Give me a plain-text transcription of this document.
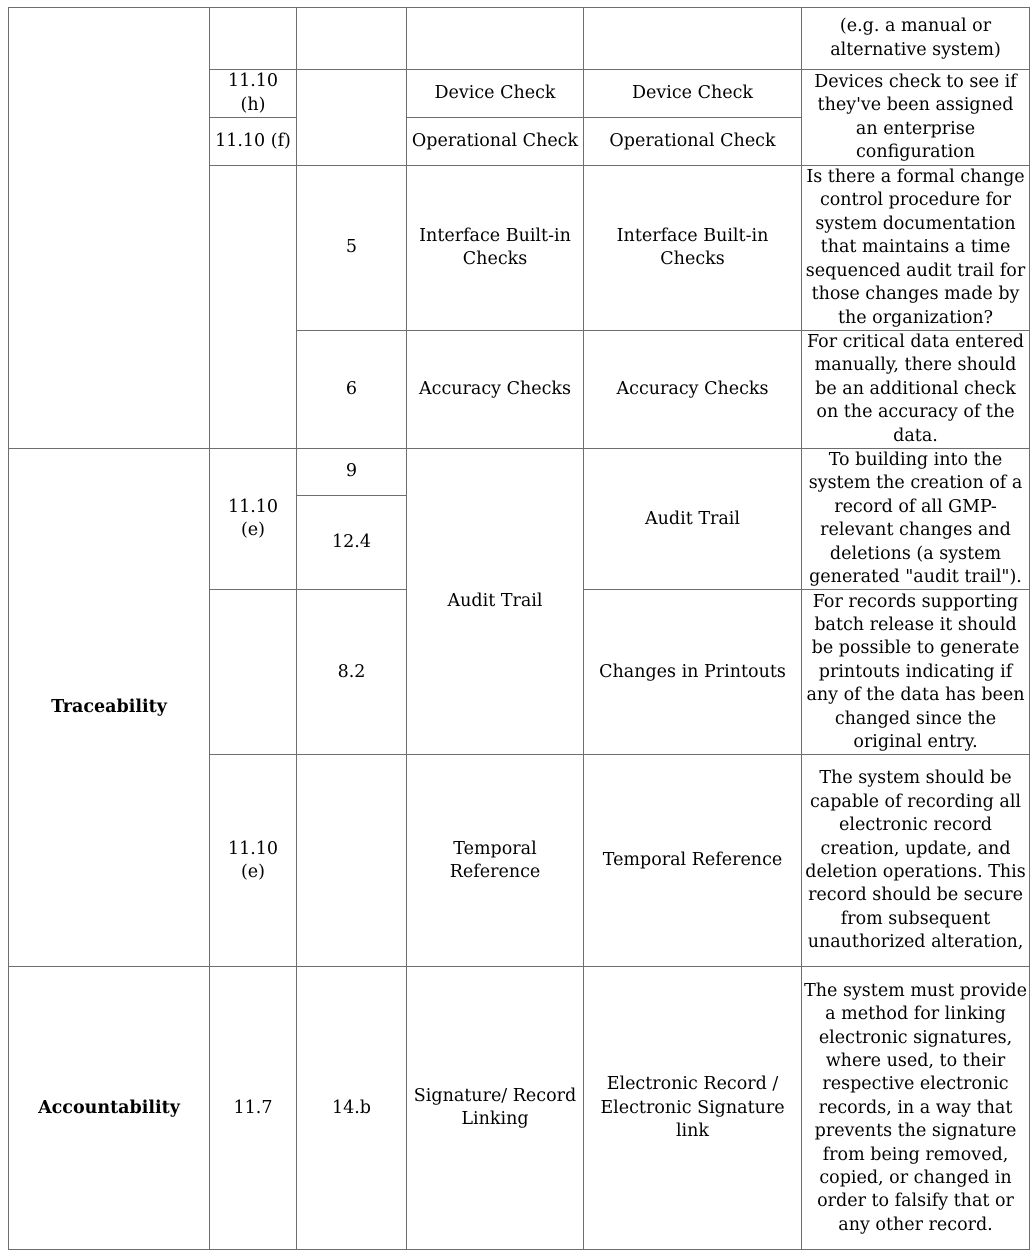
					(e.g. a manual or alternative system)
	11.10 (h)		Device Check	Device Check	Devices check to see if they've been assigned an enterprise configuration
	11.10 (f)		Operational Check	Operational Check	
		5	Interface Built-in Checks	Interface Built-in Checks	Is there a formal change control procedure for system documentation that maintains a time sequenced audit trail for those changes made by the organization?
		6	Accuracy Checks	Accuracy Checks	For critical data entered manually, there should be an additional check on the accuracy of the data.
Traceability	11.10 (e)	9	Audit Trail	Audit Trail	To building into the system the creation of a record of all GMP-relevant changes and deletions (a system generated "audit trail").
		12.4			
		8.2		Changes in Printouts	For records supporting batch release it should be possible to generate printouts indicating if any of the data has been changed since the original entry.
	11.10 (e)		Temporal Reference	Temporal Reference	The system should be capable of recording all electronic record creation, update, and deletion operations. This record should be secure from subsequent unauthorized alteration,
Accountability	11.7	14.b	Signature/ Record Linking	Electronic Record / Electronic Signature link	The system must provide a method for linking electronic signatures, where used, to their respective electronic records, in a way that prevents the signature from being removed, copied, or changed in order to falsify that or any other record.
